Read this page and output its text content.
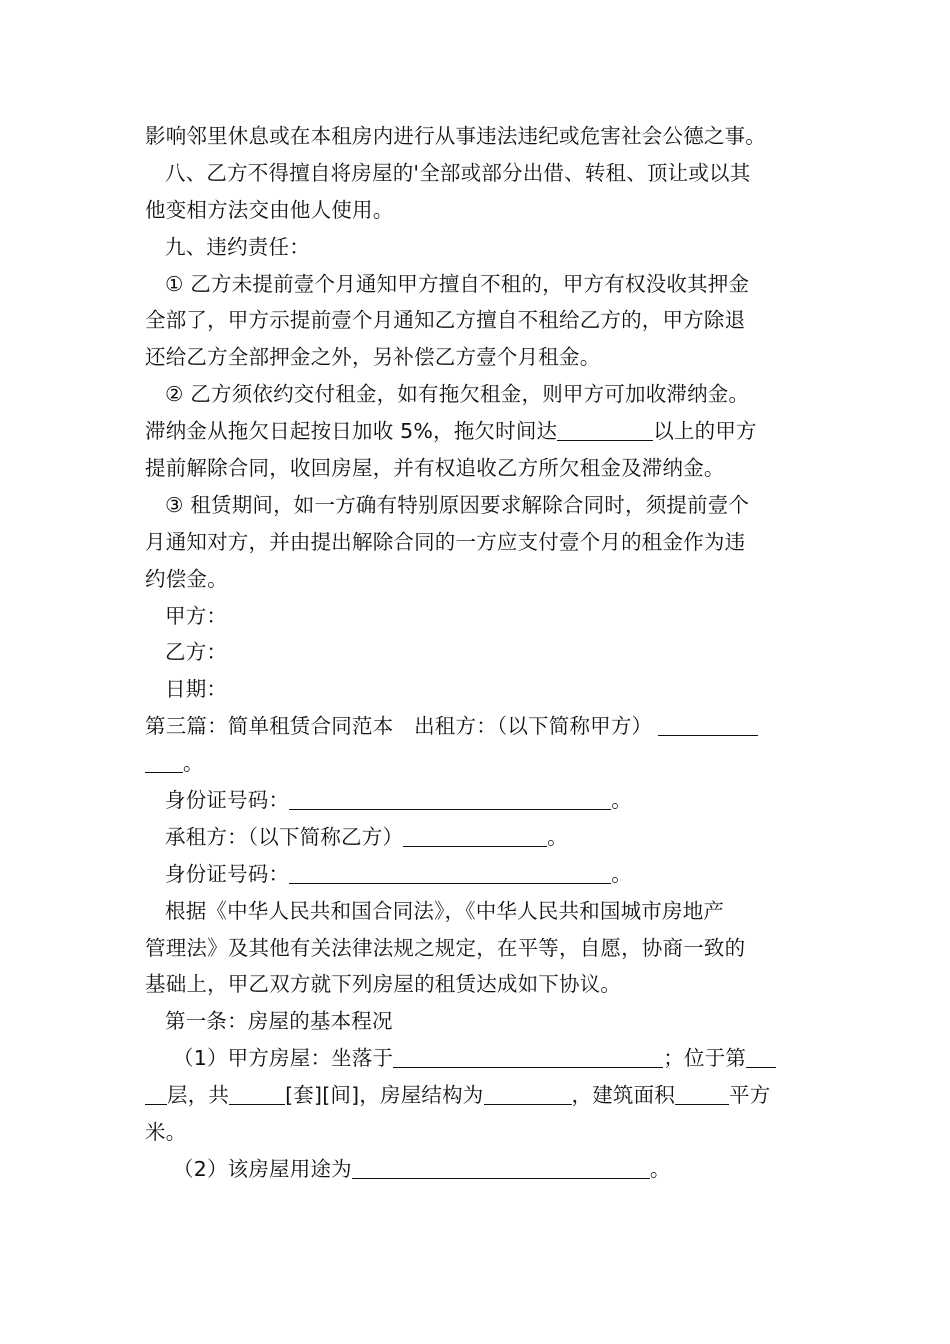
影响邻里休息或在本租房内进行从事违法违纪或危害社会公德之事。
八、乙方不得擅自将房屋的'全部或部分出借、转租、顶让或以其
他变相方法交由他人使用。
九、违约责任：
① 乙方未提前壹个月通知甲方擅自不租的，甲方有权没收其押金
全部了，甲方示提前壹个月通知乙方擅自不租给乙方的，甲方除退
还给乙方全部押金之外，另补偿乙方壹个月租金。
② 乙方须依约交付租金，如有拖欠租金，则甲方可加收滞纳金。
滞纳金从拖欠日起按日加收 5%，拖欠时间达	以上的甲方
提前解除合同，收回房屋，并有权追收乙方所欠租金及滞纳金。
③ 租赁期间，如一方确有特别原因要求解除合同时，须提前壹个
月通知对方，并由提出解除合同的一方应支付壹个月的租金作为违
约偿金。
甲方：
乙方：
日期：
第三篇：简单租赁合同范本　出租方：（以下简称甲方）
。
身份证号码：	。
承租方：（以下简称乙方）	。
身份证号码：	。
根据《中华人民共和国合同法》，《中华人民共和国城市房地产
管理法》及其他有关法律法规之规定，在平等，自愿，协商一致的
基础上，甲乙双方就下列房屋的租赁达成如下协议。
第一条：房屋的基本程况
（1）甲方房屋：坐落于	；位于第
层，共	[套][间]，房屋结构为	，建筑面积	平方
米。
（2）该房屋用途为	。
